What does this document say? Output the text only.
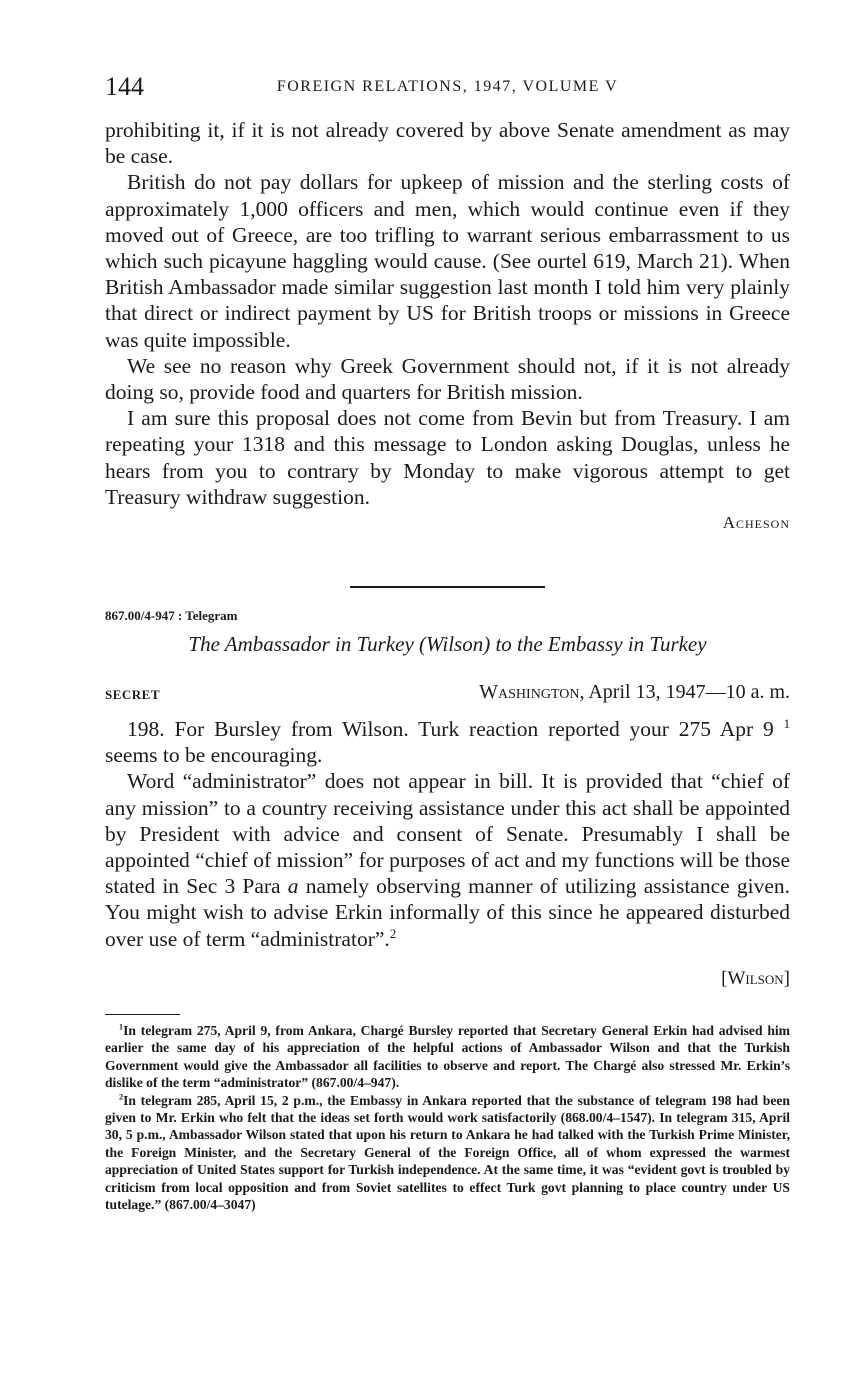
144	FOREIGN RELATIONS, 1947, VOLUME V

prohibiting it, if it is not already covered by above Senate amendment as may be case.

British do not pay dollars for upkeep of mission and the sterling costs of approximately 1,000 officers and men, which would continue even if they moved out of Greece, are too trifling to warrant serious embarrassment to us which such picayune haggling would cause. (See ourtel 619, March 21). When British Ambassador made similar suggestion last month I told him very plainly that direct or indirect payment by US for British troops or missions in Greece was quite impossible.

We see no reason why Greek Government should not, if it is not already doing so, provide food and quarters for British mission.

I am sure this proposal does not come from Bevin but from Treasury. I am repeating your 1318 and this message to London asking Douglas, unless he hears from you to contrary by Monday to make vigorous attempt to get Treasury withdraw suggestion.

Acheson

867.00/4-947 : Telegram
The Ambassador in Turkey (Wilson) to the Embassy in Turkey
SECRET	Washington, April 13, 1947—10 a. m.

198. For Bursley from Wilson. Turk reaction reported your 275 Apr 9 $^1$ seems to be encouraging.

Word “administrator” does not appear in bill. It is provided that “chief of any mission” to a country receiving assistance under this act shall be appointed by President with advice and consent of Senate. Presumably I shall be appointed “chief of mission” for purposes of act and my functions will be those stated in Sec 3 Para a namely observing manner of utilizing assistance given. You might wish to advise Erkin informally of this since he appeared disturbed over use of term “administrator”.$^2$

[Wilson]

$^1$In telegram 275, April 9, from Ankara, Chargé Bursley reported that Secretary General Erkin had advised him earlier the same day of his appreciation of the helpful actions of Ambassador Wilson and that the Turkish Government would give the Ambassador all facilities to observe and report. The Chargé also stressed Mr. Erkin’s dislike of the term “administrator” (867.00/4–947).

$^2$In telegram 285, April 15, 2 p.m., the Embassy in Ankara reported that the substance of telegram 198 had been given to Mr. Erkin who felt that the ideas set forth would work satisfactorily (868.00/4–1547). In telegram 315, April 30, 5 p.m., Ambassador Wilson stated that upon his return to Ankara he had talked with the Turkish Prime Minister, the Foreign Minister, and the Secretary General of the Foreign Office, all of whom expressed the warmest appreciation of United States support for Turkish independence. At the same time, it was “evident govt is troubled by criticism from local opposition and from Soviet satellites to effect Turk govt planning to place country under US tutelage.” (867.00/4–3047)
